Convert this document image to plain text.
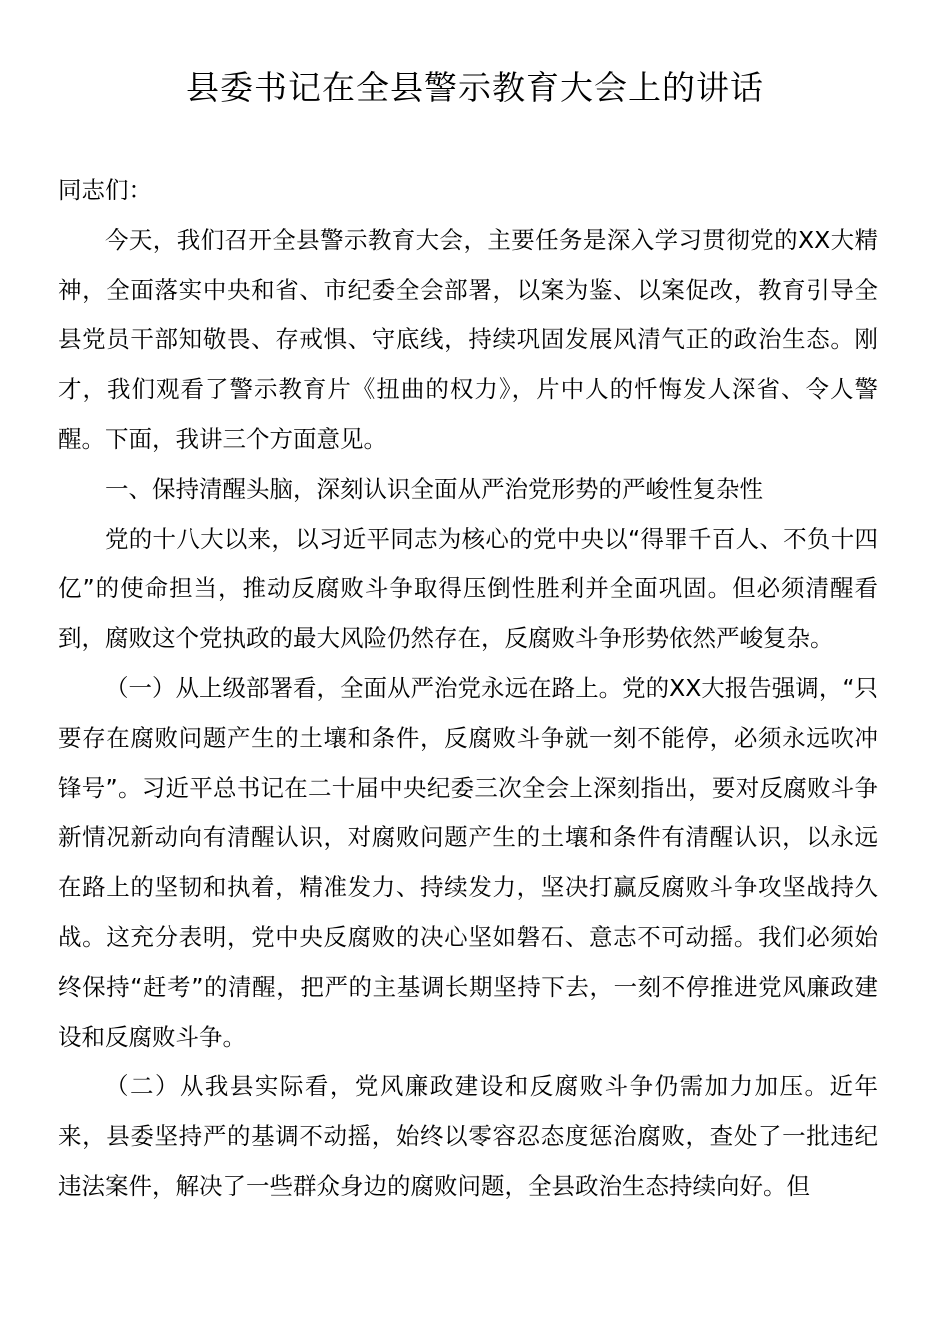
县委书记在全县警示教育大会上的讲话

同志们：

今天，我们召开全县警示教育大会，主要任务是深入学习贯彻党的XX大精神，全面落实中央和省、市纪委全会部署，以案为鉴、以案促改，教育引导全县党员干部知敬畏、存戒惧、守底线，持续巩固发展风清气正的政治生态。刚才，我们观看了警示教育片《扭曲的权力》，片中人的忏悔发人深省、令人警醒。下面，我讲三个方面意见。

一、保持清醒头脑，深刻认识全面从严治党形势的严峻性复杂性

党的十八大以来，以习近平同志为核心的党中央以“得罪千百人、不负十四亿”的使命担当，推动反腐败斗争取得压倒性胜利并全面巩固。但必须清醒看到，腐败这个党执政的最大风险仍然存在，反腐败斗争形势依然严峻复杂。

（一）从上级部署看，全面从严治党永远在路上。党的XX大报告强调，“只要存在腐败问题产生的土壤和条件，反腐败斗争就一刻不能停，必须永远吹冲锋号”。习近平总书记在二十届中央纪委三次全会上深刻指出，要对反腐败斗争新情况新动向有清醒认识，对腐败问题产生的土壤和条件有清醒认识，以永远在路上的坚韧和执着，精准发力、持续发力，坚决打赢反腐败斗争攻坚战持久战。这充分表明，党中央反腐败的决心坚如磐石、意志不可动摇。我们必须始终保持“赶考”的清醒，把严的主基调长期坚持下去，一刻不停推进党风廉政建设和反腐败斗争。

（二）从我县实际看，党风廉政建设和反腐败斗争仍需加力加压。近年来，县委坚持严的基调不动摇，始终以零容忍态度惩治腐败，查处了一批违纪违法案件，解决了一些群众身边的腐败问题，全县政治生态持续向好。但
